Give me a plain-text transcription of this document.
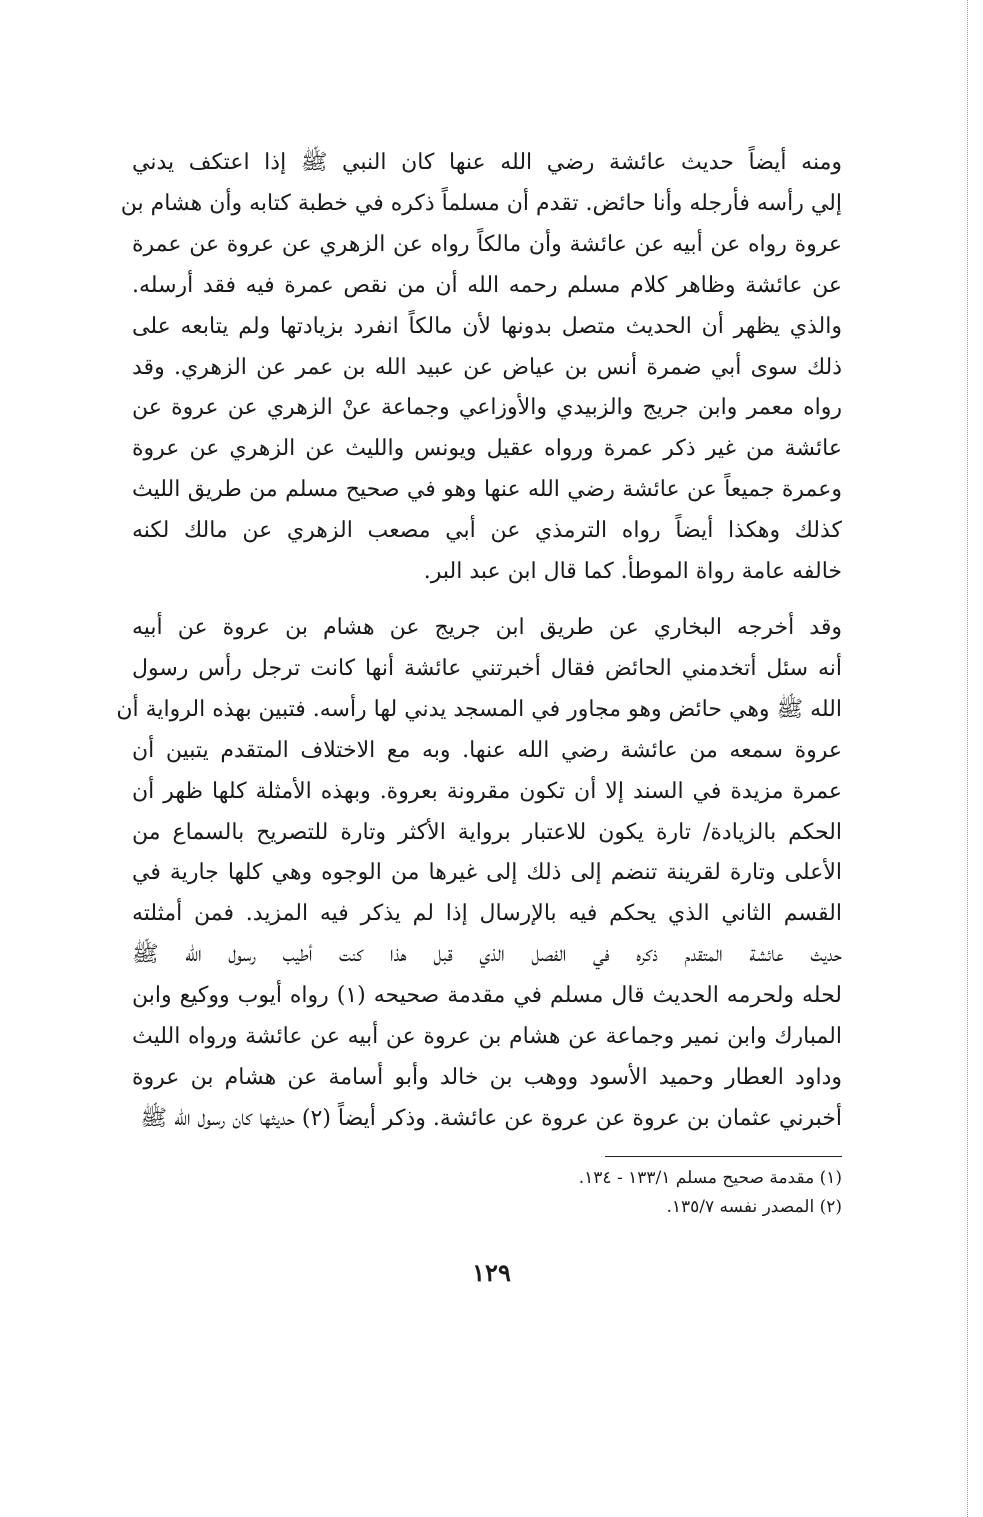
ومنه أيضاً حديث عائشة رضي الله عنها كان النبي ﷺ إذا اعتكف يدني
إلي رأسه فأرجله وأنا حائض. تقدم أن مسلماً ذكره في خطبة كتابه وأن هشام بن
عروة رواه عن أبيه عن عائشة وأن مالكاً رواه عن الزهري عن عروة عن عمرة
عن عائشة وظاهر كلام مسلم رحمه الله أن من نقص عمرة فيه فقد أرسله.
والذي يظهر أن الحديث متصل بدونها لأن مالكاً انفرد بزيادتها ولم يتابعه على
ذلك سوى أبي ضمرة أنس بن عياض عن عبيد الله بن عمر عن الزهري. وقد
رواه معمر وابن جريج والزبيدي والأوزاعي وجماعة عنْ الزهري عن عروة عن
عائشة من غير ذكر عمرة ورواه عقيل ويونس والليث عن الزهري عن عروة
وعمرة جميعاً عن عائشة رضي الله عنها وهو في صحيح مسلم من طريق الليث
كذلك وهكذا أيضاً رواه الترمذي عن أبي مصعب الزهري عن مالك لكنه
خالفه عامة رواة الموطأ. كما قال ابن عبد البر.
وقد أخرجه البخاري عن طريق ابن جريج عن هشام بن عروة عن أبيه
أنه سئل أتخدمني الحائض فقال أخبرتني عائشة أنها كانت ترجل رأس رسول
الله ﷺ وهي حائض وهو مجاور في المسجد يدني لها رأسه. فتبين بهذه الرواية أن
عروة سمعه من عائشة رضي الله عنها. وبه مع الاختلاف المتقدم يتبين أن
عمرة مزيدة في السند إلا أن تكون مقرونة بعروة. وبهذه الأمثلة كلها ظهر أن
الحكم بالزيادة/ تارة يكون للاعتبار برواية الأكثر وتارة للتصريح بالسماع من
الأعلى وتارة لقرينة تنضم إلى ذلك إلى غيرها من الوجوه وهي كلها جارية في
القسم الثاني الذي يحكم فيه بالإرسال إذا لم يذكر فيه المزيد. فمن أمثلته
حديث عائشة المتقدم ذكره في الفصل الذي قبل هذا كنت أطيب رسول الله ﷺ
لحله ولحرمه الحديث قال مسلم في مقدمة صحيحه (١) رواه أيوب ووكيع وابن
المبارك وابن نمير وجماعة عن هشام بن عروة عن أبيه عن عائشة ورواه الليث
وداود العطار وحميد الأسود ووهب بن خالد وأبو أسامة عن هشام بن عروة
أخبرني عثمان بن عروة عن عروة عن عائشة. وذكر أيضاً (٢) حديثها كان رسول الله ﷺ
(١) مقدمة صحيح مسلم ١٣٣/١ - ١٣٤.
(٢) المصدر نفسه ١٣٥/٧.
١٢٩
